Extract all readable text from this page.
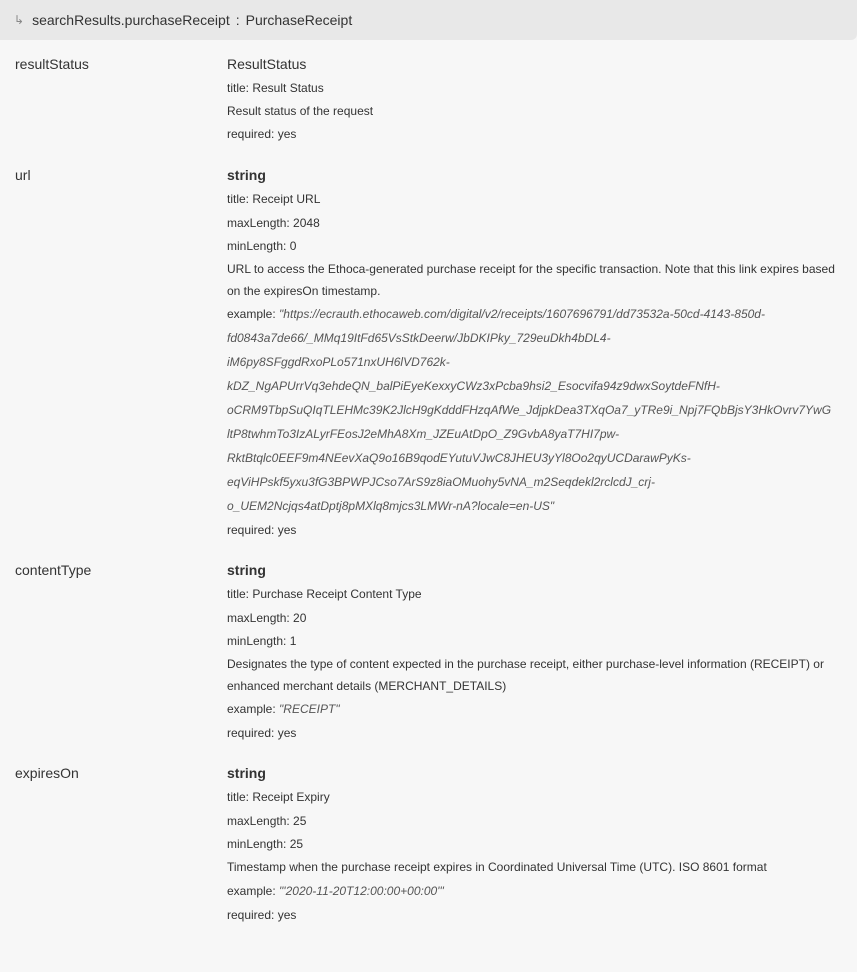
↳ searchResults.purchaseReceipt : PurchaseReceipt
resultStatus	ResultStatus
title: Result Status
Result status of the request
required: yes
url	string
title: Receipt URL
maxLength: 2048
minLength: 0
URL to access the Ethoca-generated purchase receipt for the specific transaction. Note that this link expires based on the expiresOn timestamp.
example: "https://ecrauth.ethocaweb.com/digital/v2/receipts/1607696791/dd73532a-50cd-4143-850d-
fd0843a7de66/_MMq19ItFd65VsStkDeerw/JbDKIPky_729euDkh4bDL4-
iM6py8SFggdRxoPLo571nxUH6lVD762k-
kDZ_NgAPUrrVq3ehdeQN_balPiEyeKexxyCWz3xPcba9hsi2_Esocvifa94z9dwxSoytdeFNfH-
oCRM9TbpSuQIqTLEHMc39K2JlcH9gKdddFHzqAfWe_JdjpkDea3TXqOa7_yTRe9i_Npj7FQbBjsY3HkOvrv7YwG
ltP8twhmTo3IzALyrFEosJ2eMhA8Xm_JZEuAtDpO_Z9GvbA8yaT7HI7pw-
RktBtqlc0EEF9m4NEevXaQ9o16B9qodEYutuVJwC8JHEU3yYl8Oo2qyUCDarawPyKs-
eqViHPskf5yxu3fG3BPWPJCso7ArS9z8iaOMuohy5vNA_m2Seqdekl2rclcdJ_crj-
o_UEM2Ncjqs4atDptj8pMXlq8mjcs3LMWr-nA?locale=en-US"
required: yes
contentType	string
title: Purchase Receipt Content Type
maxLength: 20
minLength: 1
Designates the type of content expected in the purchase receipt, either purchase-level information (RECEIPT) or enhanced merchant details (MERCHANT_DETAILS)
example: "RECEIPT"
required: yes
expiresOn	string
title: Receipt Expiry
maxLength: 25
minLength: 25
Timestamp when the purchase receipt expires in Coordinated Universal Time (UTC). ISO 8601 format
example: "'2020-11-20T12:00:00+00:00'"
required: yes
